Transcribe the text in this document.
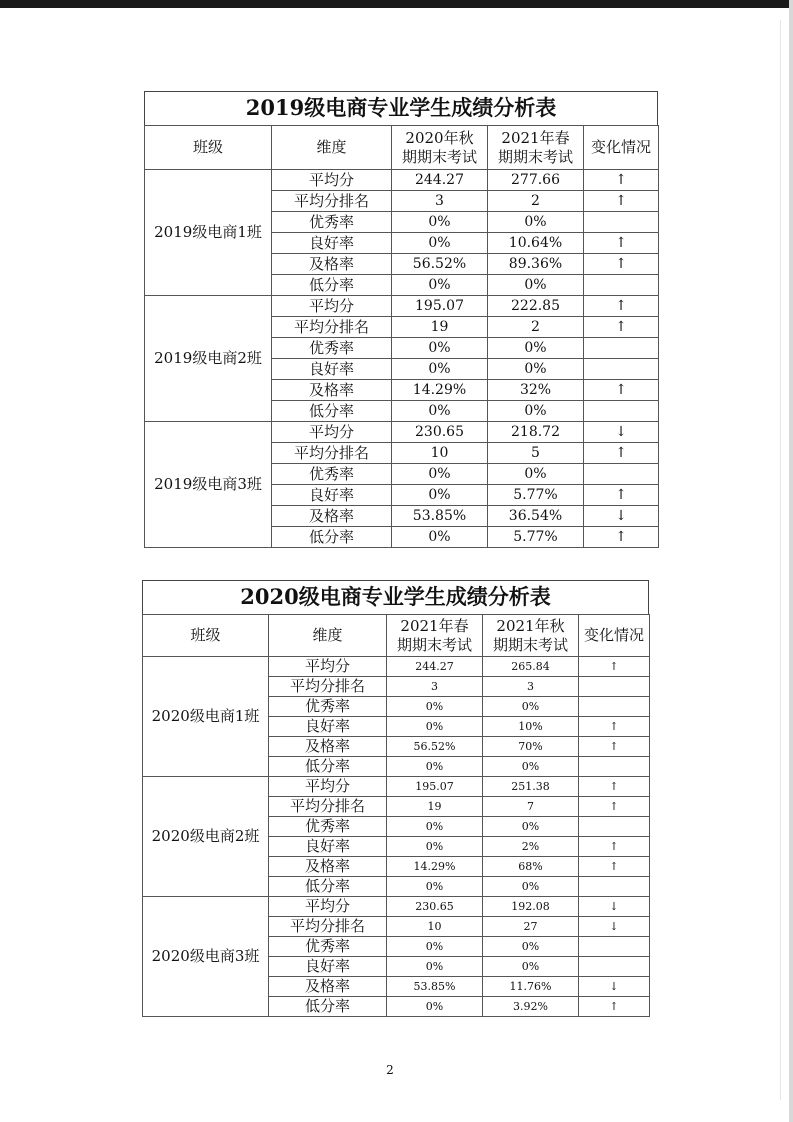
2019级电商专业学生成绩分析表
班级	维度	2020年秋期期末考试	2021年春期期末考试	变化情况
2019级电商1班	平均分	244.27	277.66	↑
	平均分排名	3	2	↑
	优秀率	0%	0%	
	良好率	0%	10.64%	↑
	及格率	56.52%	89.36%	↑
	低分率	0%	0%	
2019级电商2班	平均分	195.07	222.85	↑
	平均分排名	19	2	↑
	优秀率	0%	0%	
	良好率	0%	0%	
	及格率	14.29%	32%	↑
	低分率	0%	0%	
2019级电商3班	平均分	230.65	218.72	↓
	平均分排名	10	5	↑
	优秀率	0%	0%	
	良好率	0%	5.77%	↑
	及格率	53.85%	36.54%	↓
	低分率	0%	5.77%	↑
2020级电商专业学生成绩分析表
班级	维度	2021年春期期末考试	2021年秋期期末考试	变化情况
2020级电商1班	平均分	244.27	265.84	↑
	平均分排名	3	3	
	优秀率	0%	0%	
	良好率	0%	10%	↑
	及格率	56.52%	70%	↑
	低分率	0%	0%	
2020级电商2班	平均分	195.07	251.38	↑
	平均分排名	19	7	↑
	优秀率	0%	0%	
	良好率	0%	2%	↑
	及格率	14.29%	68%	↑
	低分率	0%	0%	
2020级电商3班	平均分	230.65	192.08	↓
	平均分排名	10	27	↓
	优秀率	0%	0%	
	良好率	0%	0%	
	及格率	53.85%	11.76%	↓
	低分率	0%	3.92%	↑
2
